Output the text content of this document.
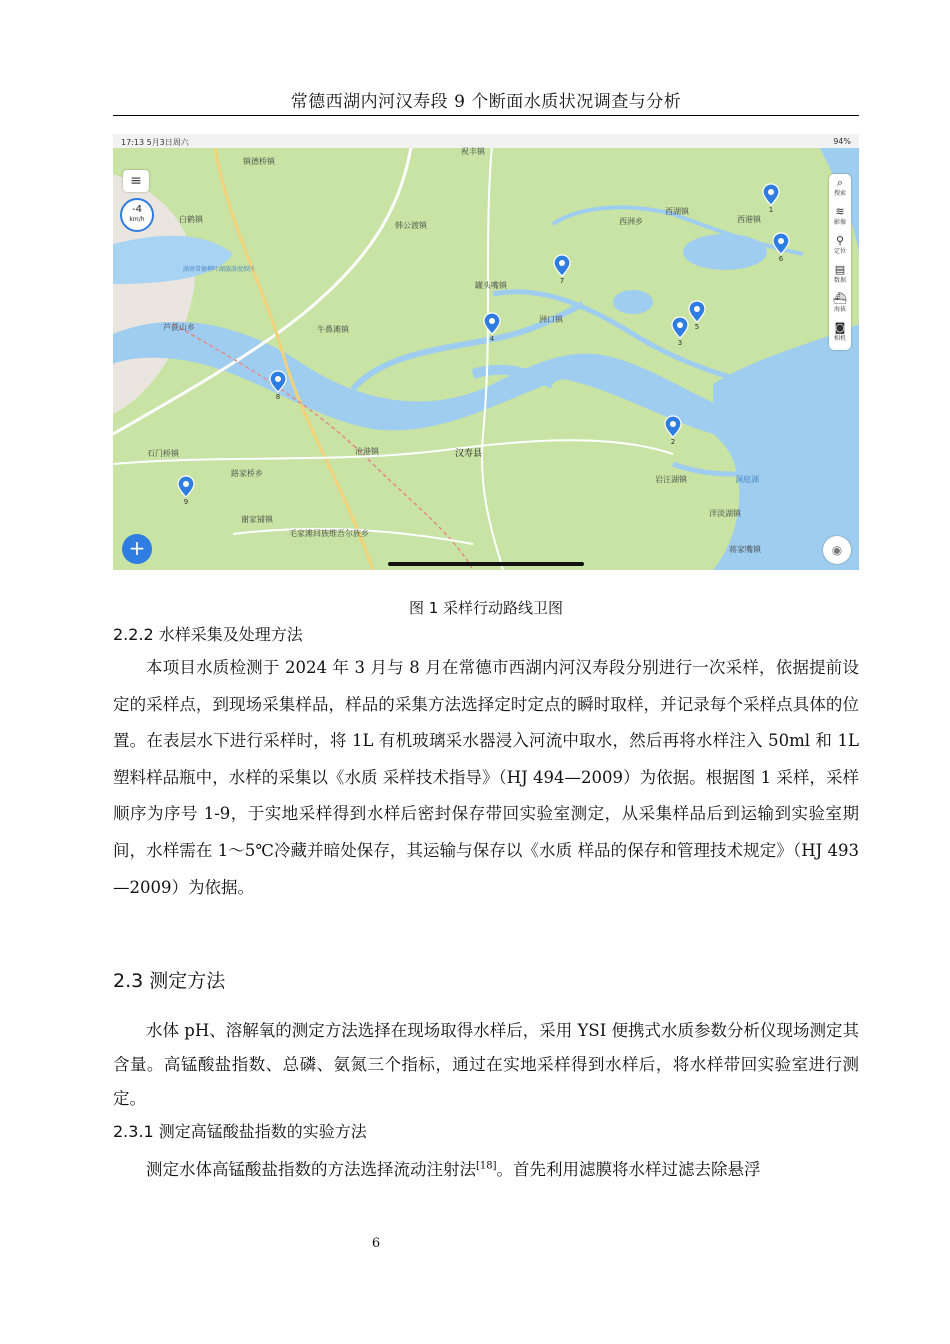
常德西湖内河汉寿段 9 个断面水质状况调查与分析
17:13 5月3日周六	94%
祝丰镇
镇德桥镇
白鹤镇
韩公渡镇	西洲乡
西湖镇
西港镇
罐头嘴镇
洲口镇
牛鼻滩镇
芦荻山乡
湖南常德柳叶湖旅游度假区
石门桥镇	沧港镇	汉寿县
路家桥乡
谢家铺镇
毛家滩回族维吾尔族乡
岩汪湖镇	洞庭湖
洋淡湖镇
蒋家嘴镇
1
2
3
4
5
6
7
8
9
≡
-4
km/h
⌕
搜索
≋
影像
⚲
定位
▤
数据
⛴
海拔
◙
相机
+	◉
图 1 采样行动路线卫图
2.2.2 水样采集及处理方法

本项目水质检测于 2024 年 3 月与 8 月在常德市西湖内河汉寿段分别进行一次采样，依据提前设定的采样点，到现场采集样品，样品的采集方法选择定时定点的瞬时取样，并记录每个采样点具体的位置。在表层水下进行采样时，将 1L 有机玻璃采水器浸入河流中取水，然后再将水样注入 50ml 和 1L 塑料样品瓶中，水样的采集以《水质 采样技术指导》（HJ 494—2009）为依据。根据图 1 采样，采样顺序为序号 1-9，于实地采样得到水样后密封保存带回实验室测定，从采集样品后到运输到实验室期间，水样需在 1～5℃冷藏并暗处保存，其运输与保存以《水质 样品的保存和管理技术规定》（HJ 493—2009）为依据。

2.3 测定方法

水体 pH、溶解氧的测定方法选择在现场取得水样后，采用 YSI 便携式水质参数分析仪现场测定其含量。高锰酸盐指数、总磷、氨氮三个指标，通过在实地采样得到水样后，将水样带回实验室进行测定。

2.3.1 测定高锰酸盐指数的实验方法

测定水体高锰酸盐指数的方法选择流动注射法[18]。首先利用滤膜将水样过滤去除悬浮

6
